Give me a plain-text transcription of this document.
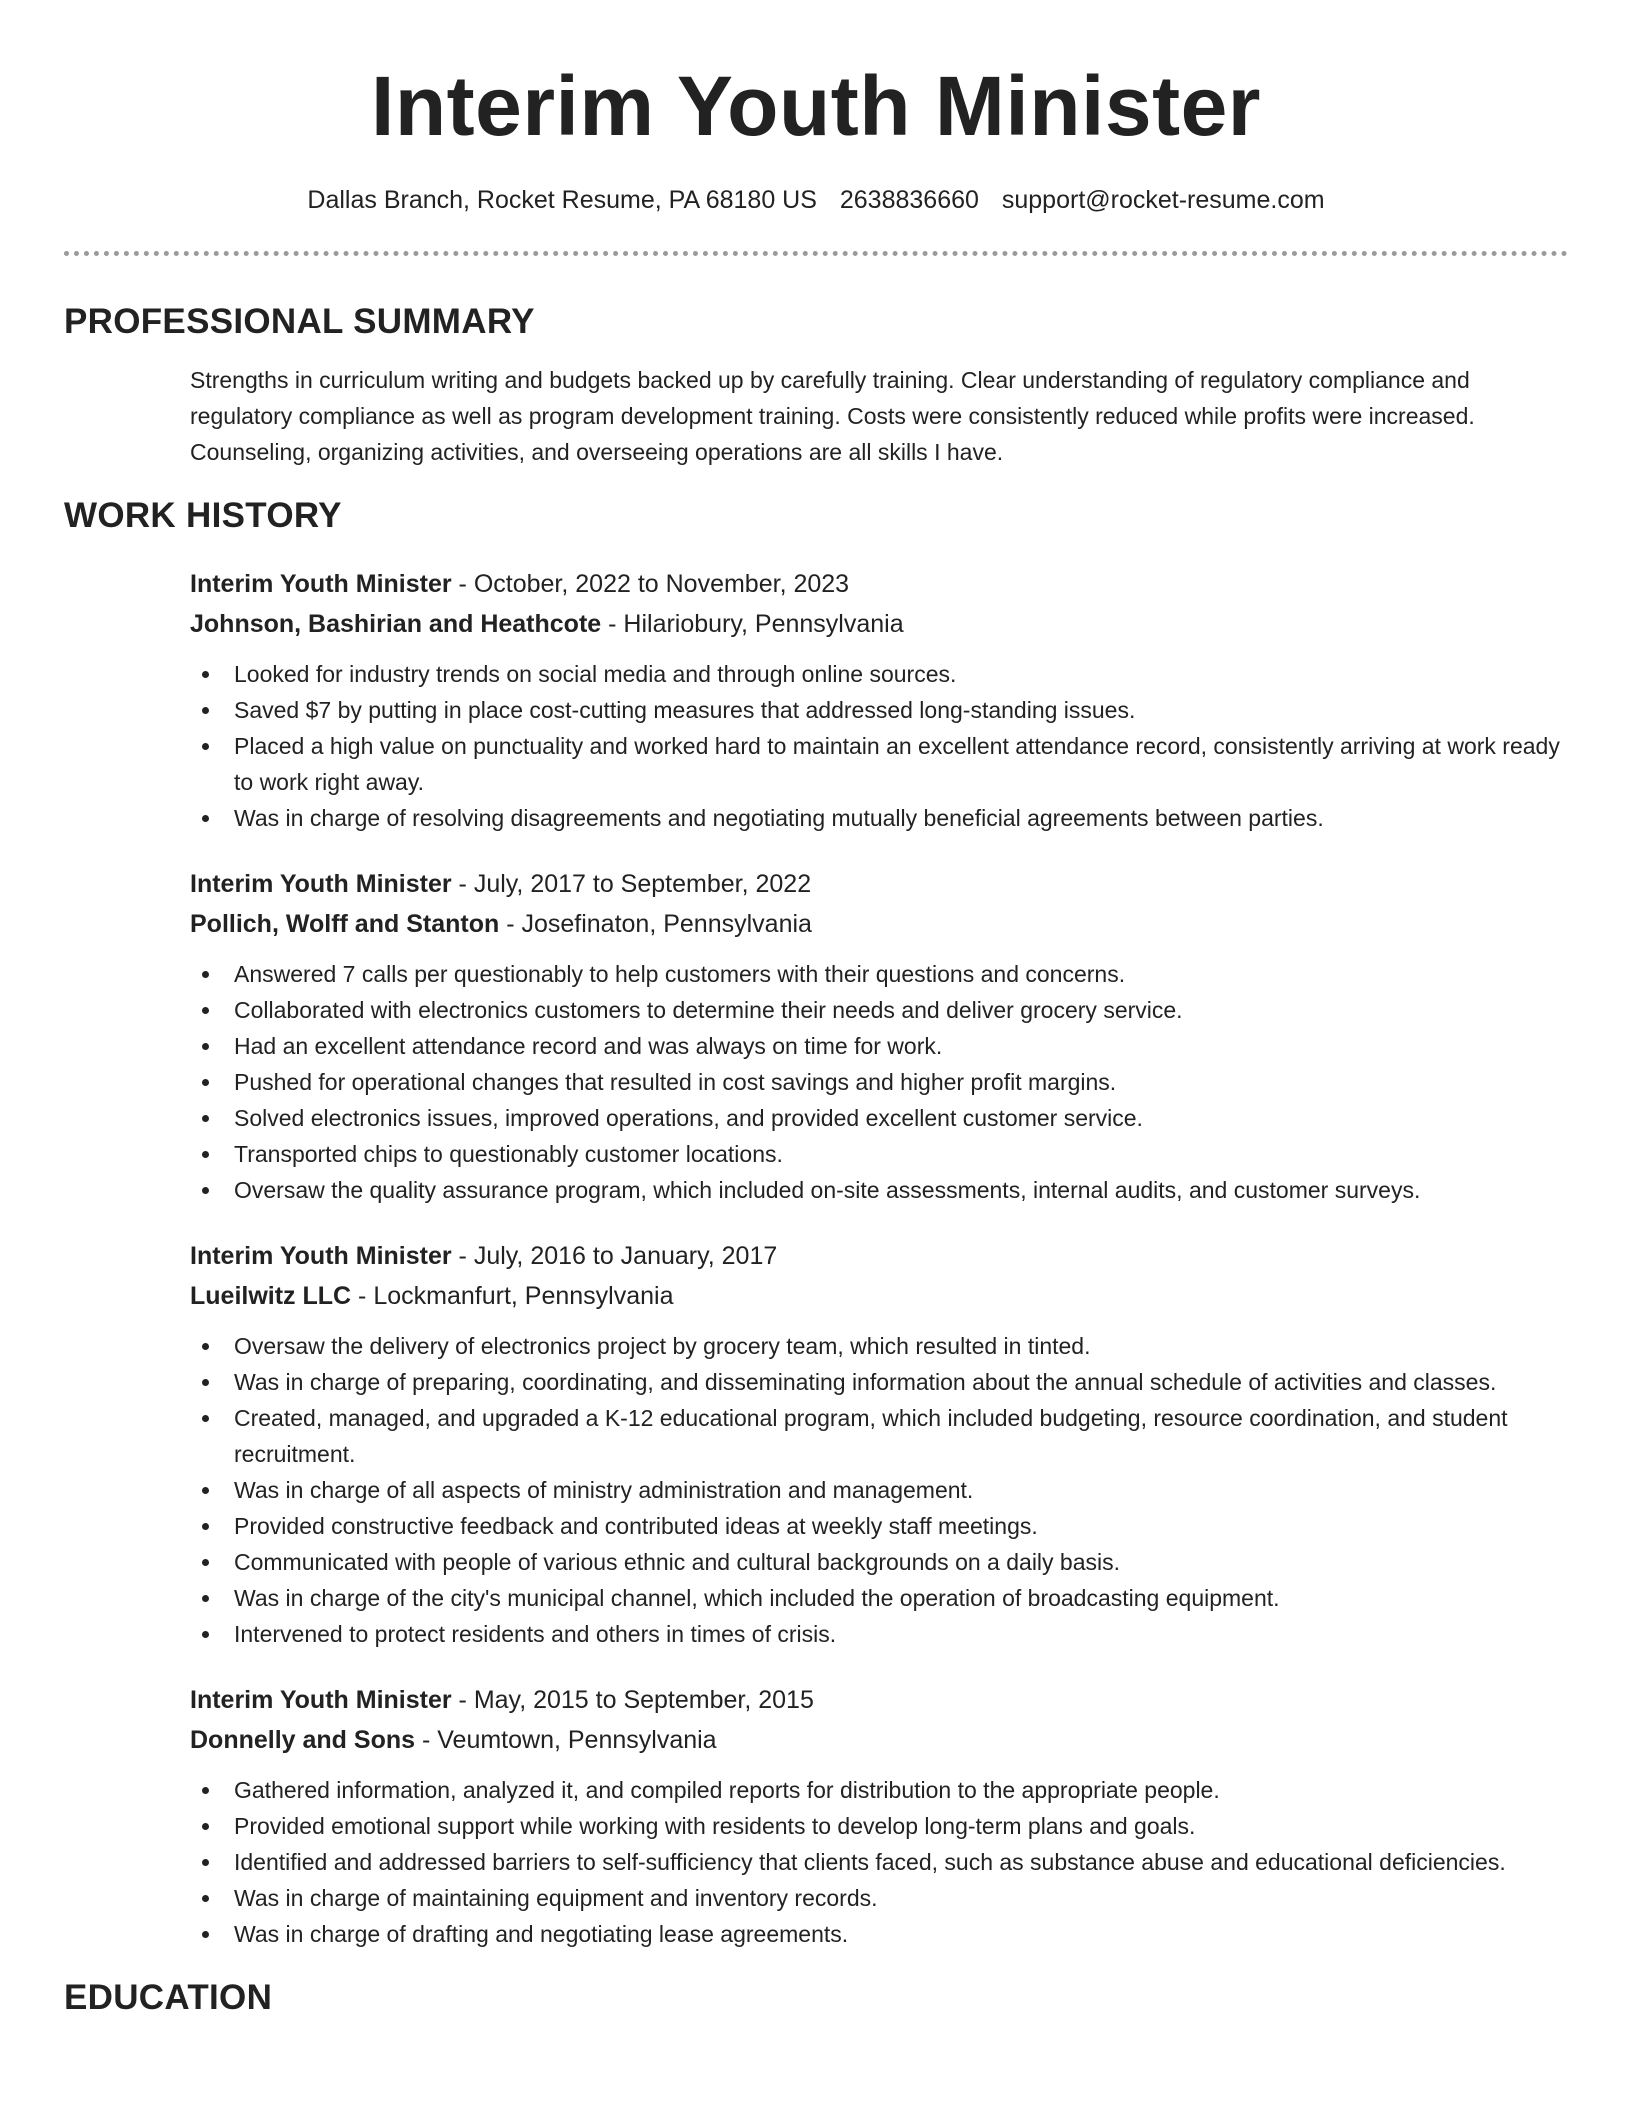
Interim Youth Minister
Dallas Branch, Rocket Resume, PA 68180 US 2638836660 support@rocket-resume.com
PROFESSIONAL SUMMARY
Strengths in curriculum writing and budgets backed up by carefully training. Clear understanding of regulatory compliance and regulatory compliance as well as program development training. Costs were consistently reduced while profits were increased. Counseling, organizing activities, and overseeing operations are all skills I have.
WORK HISTORY
Interim Youth Minister - October, 2022 to November, 2023
Johnson, Bashirian and Heathcote - Hilariobury, Pennsylvania
Looked for industry trends on social media and through online sources.
Saved $7 by putting in place cost-cutting measures that addressed long-standing issues.
Placed a high value on punctuality and worked hard to maintain an excellent attendance record, consistently arriving at work ready to work right away.
Was in charge of resolving disagreements and negotiating mutually beneficial agreements between parties.
Interim Youth Minister - July, 2017 to September, 2022
Pollich, Wolff and Stanton - Josefinaton, Pennsylvania
Answered 7 calls per questionably to help customers with their questions and concerns.
Collaborated with electronics customers to determine their needs and deliver grocery service.
Had an excellent attendance record and was always on time for work.
Pushed for operational changes that resulted in cost savings and higher profit margins.
Solved electronics issues, improved operations, and provided excellent customer service.
Transported chips to questionably customer locations.
Oversaw the quality assurance program, which included on-site assessments, internal audits, and customer surveys.
Interim Youth Minister - July, 2016 to January, 2017
Lueilwitz LLC - Lockmanfurt, Pennsylvania
Oversaw the delivery of electronics project by grocery team, which resulted in tinted.
Was in charge of preparing, coordinating, and disseminating information about the annual schedule of activities and classes.
Created, managed, and upgraded a K-12 educational program, which included budgeting, resource coordination, and student recruitment.
Was in charge of all aspects of ministry administration and management.
Provided constructive feedback and contributed ideas at weekly staff meetings.
Communicated with people of various ethnic and cultural backgrounds on a daily basis.
Was in charge of the city's municipal channel, which included the operation of broadcasting equipment.
Intervened to protect residents and others in times of crisis.
Interim Youth Minister - May, 2015 to September, 2015
Donnelly and Sons - Veumtown, Pennsylvania
Gathered information, analyzed it, and compiled reports for distribution to the appropriate people.
Provided emotional support while working with residents to develop long-term plans and goals.
Identified and addressed barriers to self-sufficiency that clients faced, such as substance abuse and educational deficiencies.
Was in charge of maintaining equipment and inventory records.
Was in charge of drafting and negotiating lease agreements.
EDUCATION
